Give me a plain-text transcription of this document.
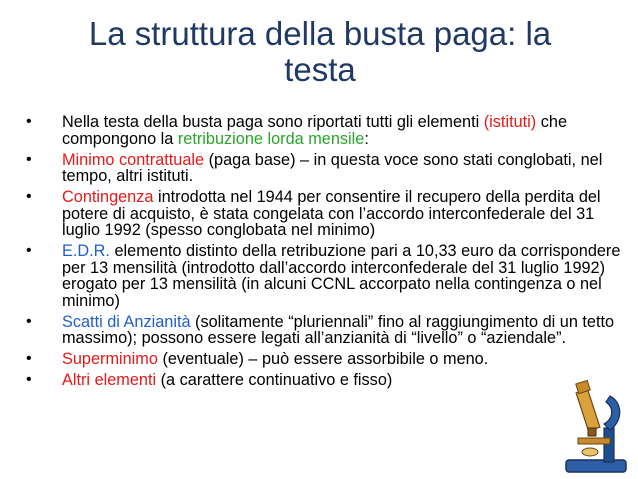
La struttura della busta paga: la
testa
• Nella testa della busta paga sono riportati tutti gli elementi (istituti) che compongono la retribuzione lorda mensile:
• Minimo contrattuale (paga base) – in questa voce sono stati conglobati, nel tempo, altri istituti.
• Contingenza introdotta nel 1944 per consentire il recupero della perdita del potere di acquisto, è stata congelata con l’accordo interconfederale del 31 luglio 1992 (spesso conglobata nel minimo)
• E.D.R. elemento distinto della retribuzione pari a 10,33 euro da corrispondere per 13 mensilità (introdotto dall’accordo interconfederale del 31 luglio 1992) erogato per 13 mensilità (in alcuni CCNL accorpato nella contingenza o nel minimo)
• Scatti di Anzianità (solitamente “pluriennali” fino al raggiungimento di un tetto massimo); possono essere legati all’anzianità di “livello” o “aziendale”.
• Superminimo (eventuale) – può essere assorbibile o meno.
• Altri elementi (a carattere continuativo e fisso)
